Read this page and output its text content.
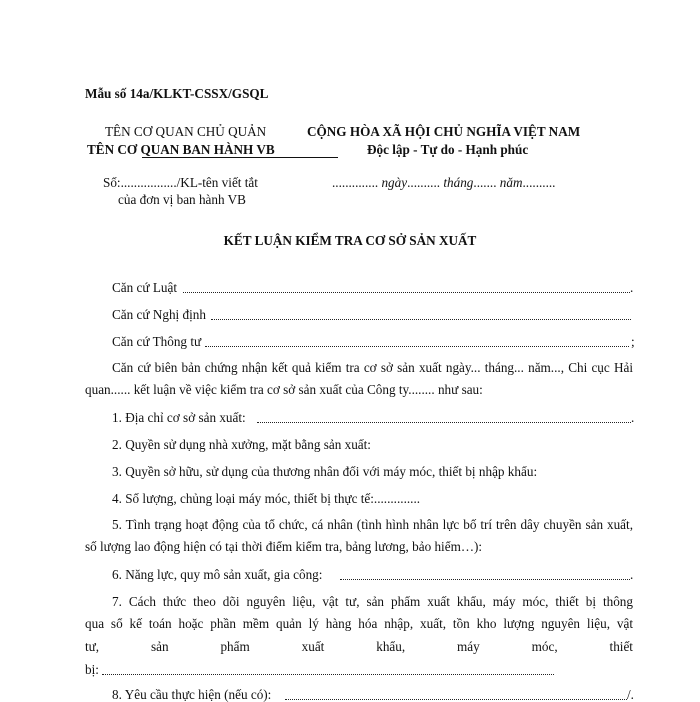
Mẫu số 14a/KLKT-CSSX/GSQL
TÊN CƠ QUAN CHỦ QUẢN
TÊN CƠ QUAN BAN HÀNH VB
CỘNG HÒA XÃ HỘI CHỦ NGHĨA VIỆT NAM
Độc lập - Tự do - Hạnh phúc
Số:................./KL-tên viết tắt
của đơn vị ban hành VB
.............. ngày.......... tháng....... năm..........
KẾT LUẬN KIỂM TRA CƠ SỞ SẢN XUẤT
Căn cứ Luật	.
Căn cứ Nghị định
Căn cứ Thông tư	;
Căn cứ biên bản chứng nhận kết quả kiểm tra cơ sở sản xuất ngày... tháng... năm..., Chi cục Hải quan...... kết luận về việc kiểm tra cơ sở sản xuất của Công ty........ như sau:
1. Địa chỉ cơ sở sản xuất:	.
2. Quyền sử dụng nhà xưởng, mặt bằng sản xuất:
3. Quyền sở hữu, sử dụng của thương nhân đối với máy móc, thiết bị nhập khẩu:
4. Số lượng, chủng loại máy móc, thiết bị thực tế:..............
5. Tình trạng hoạt động của tổ chức, cá nhân (tình hình nhân lực bố trí trên dây chuyền sản xuất, số lượng lao động hiện có tại thời điểm kiểm tra, bảng lương, bảo hiểm…):
6. Năng lực, quy mô sản xuất, gia công:	.
7. Cách thức theo dõi nguyên liệu, vật tư, sản phẩm xuất khẩu, máy móc, thiết bị thông
qua sổ kế toán hoặc phần mềm quản lý hàng hóa nhập, xuất, tồn kho lượng nguyên liệu, vật
tư,	sản	phẩm	xuất	khẩu,	máy	móc,	thiết
bị:
8. Yêu cầu thực hiện (nếu có):	/.
